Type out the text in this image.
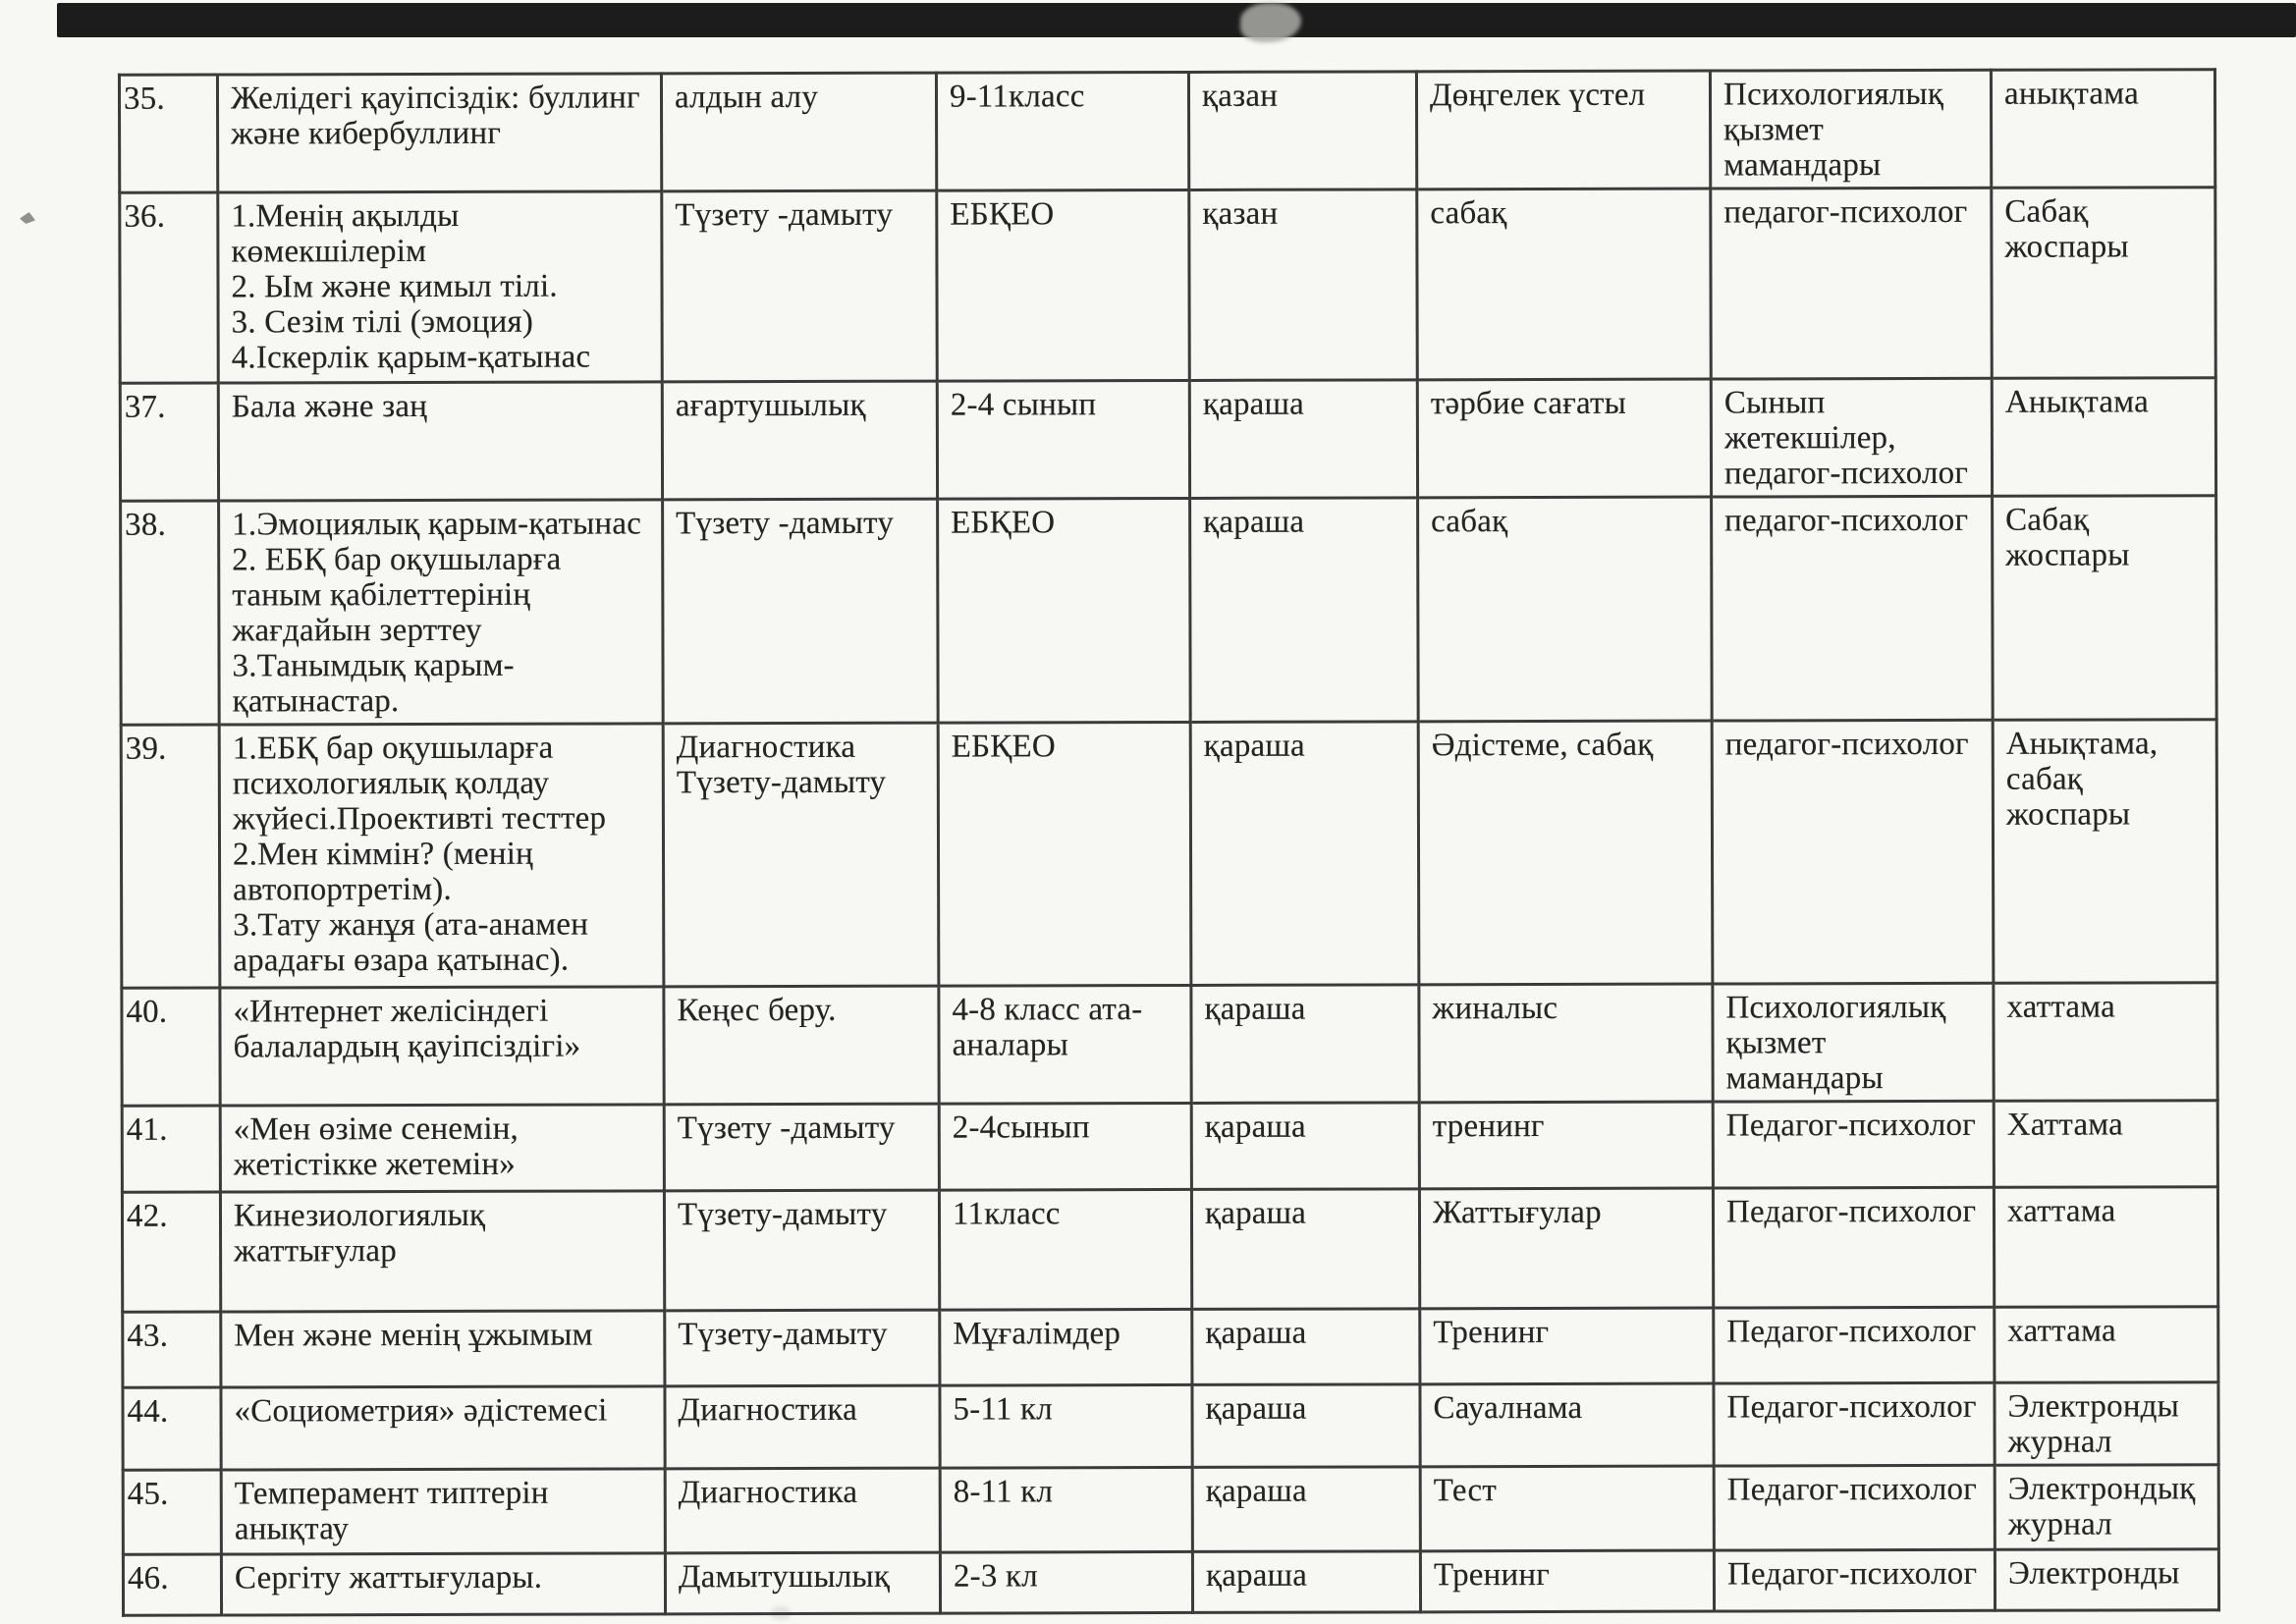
35.	Желідегі қауіпсіздік: буллинг және кибербуллинг	алдын алу	9-11класс	қазан	Дөңгелек үстел	Психологиялық қызмет мамандары	анықтама
36.	1.Менің ақылды көмекшілерім
2. Ым және қимыл тілі.
3. Сезім тілі (эмоция)
4.Іскерлік қарым-қатынас	Түзету -дамыту	ЕБҚЕО	қазан	сабақ	педагог-психолог	Сабақ жоспары
37.	Бала және заң	ағартушылық	2-4 сынып	қараша	тәрбие сағаты	Сынып жетекшілер, педагог-психолог	Анықтама
38.	1.Эмоциялық қарым-қатынас
2. ЕБҚ бар оқушыларға таным қабілеттерінің жағдайын зерттеу
3.Танымдық қарым-қатынастар.	Түзету -дамыту	ЕБҚЕО	қараша	сабақ	педагог-психолог	Сабақ жоспары
39.	1.ЕБҚ бар оқушыларға психологиялық қолдау жүйесі.Проективті тесттер
2.Мен кіммін? (менің автопортретім).
3.Тату жанұя (ата-анамен арадағы өзара қатынас).	Диагностика
Түзету-дамыту	ЕБҚЕО	қараша	Әдістеме, сабақ	педагог-психолог	Анықтама, сабақ жоспары
40.	«Интернет желісіндегі балалардың қауіпсіздігі»	Кеңес беру.	4-8 класс ата-аналары	қараша	жиналыс	Психологиялық қызмет мамандары	хаттама
41.	«Мен өзіме сенемін, жетістікке жетемін»	Түзету -дамыту	2-4сынып	қараша	тренинг	Педагог-психолог	Хаттама
42.	Кинезиологиялық жаттығулар	Түзету-дамыту	11класс	қараша	Жаттығулар	Педагог-психолог	хаттама
43.	Мен және менің ұжымым	Түзету-дамыту	Мұғалімдер	қараша	Тренинг	Педагог-психолог	хаттама
44.	«Социометрия» әдістемесі	Диагностика	5-11 кл	қараша	Сауалнама	Педагог-психолог	Электронды журнал
45.	Темперамент типтерін анықтау	Диагностика	8-11 кл	қараша	Тест	Педагог-психолог	Электрондық журнал
46.	Сергіту жаттығулары.	Дамытушылық	2-3 кл	қараша	Тренинг	Педагог-психолог	Электронды
